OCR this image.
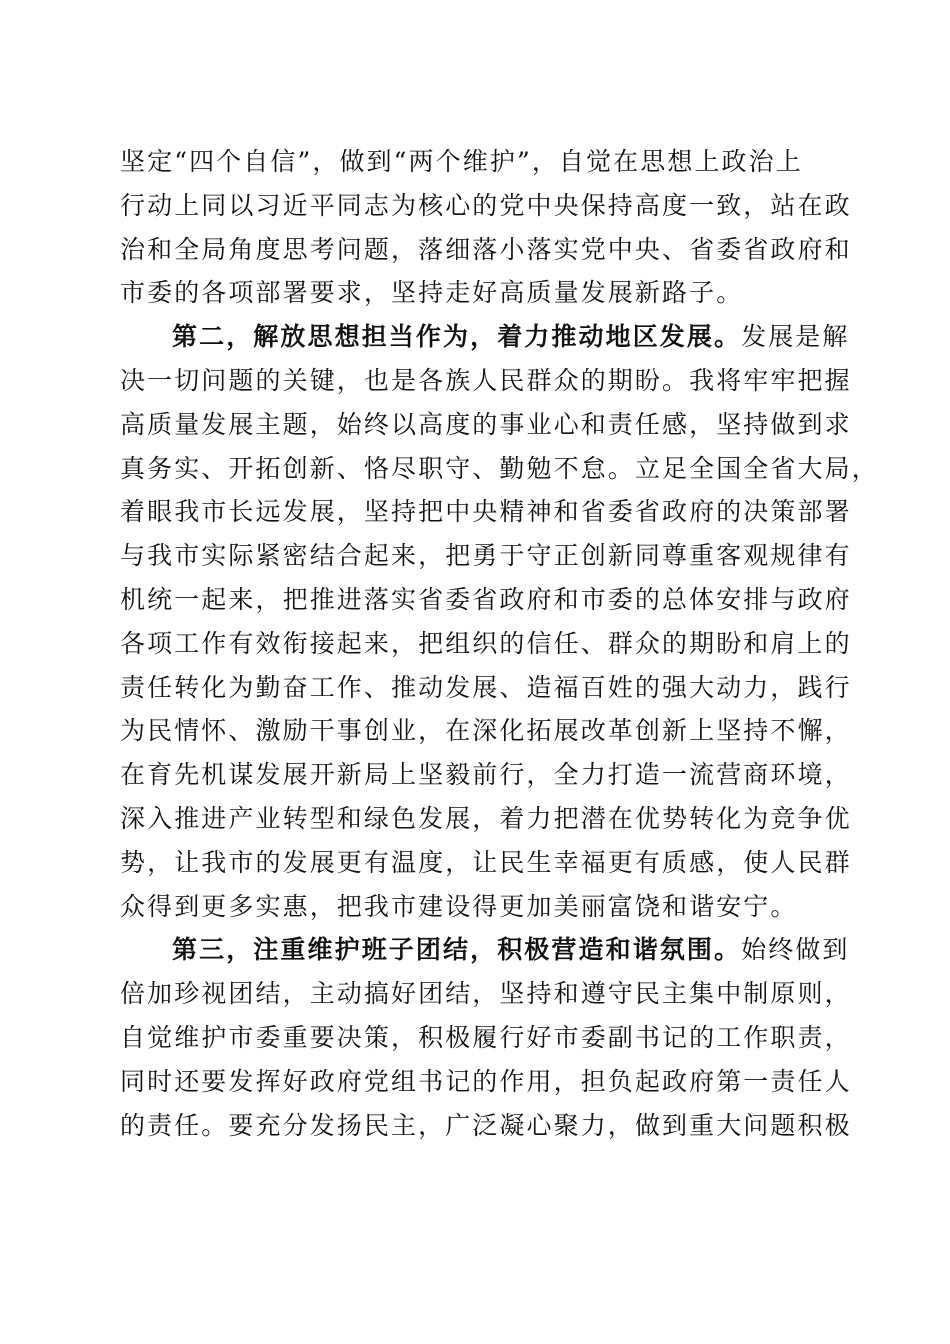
坚定“四个自信”，做到“两个维护”，自觉在思想上政治上
行动上同以习近平同志为核心的党中央保持高度一致，站在政
治和全局角度思考问题，落细落小落实党中央、省委省政府和
市委的各项部署要求，坚持走好高质量发展新路子。

第二，解放思想担当作为，着力推动地区发展。发展是解
决一切问题的关键，也是各族人民群众的期盼。我将牢牢把握
高质量发展主题，始终以高度的事业心和责任感，坚持做到求
真务实、开拓创新、恪尽职守、勤勉不怠。立足全国全省大局，
着眼我市长远发展，坚持把中央精神和省委省政府的决策部署
与我市实际紧密结合起来，把勇于守正创新同尊重客观规律有
机统一起来，把推进落实省委省政府和市委的总体安排与政府
各项工作有效衔接起来，把组织的信任、群众的期盼和肩上的
责任转化为勤奋工作、推动发展、造福百姓的强大动力，践行
为民情怀、激励干事创业，在深化拓展改革创新上坚持不懈，
在育先机谋发展开新局上坚毅前行，全力打造一流营商环境，
深入推进产业转型和绿色发展，着力把潜在优势转化为竞争优
势，让我市的发展更有温度，让民生幸福更有质感，使人民群
众得到更多实惠，把我市建设得更加美丽富饶和谐安宁。

第三，注重维护班子团结，积极营造和谐氛围。始终做到
倍加珍视团结，主动搞好团结，坚持和遵守民主集中制原则，
自觉维护市委重要决策，积极履行好市委副书记的工作职责，
同时还要发挥好政府党组书记的作用，担负起政府第一责任人
的责任。要充分发扬民主，广泛凝心聚力，做到重大问题积极
